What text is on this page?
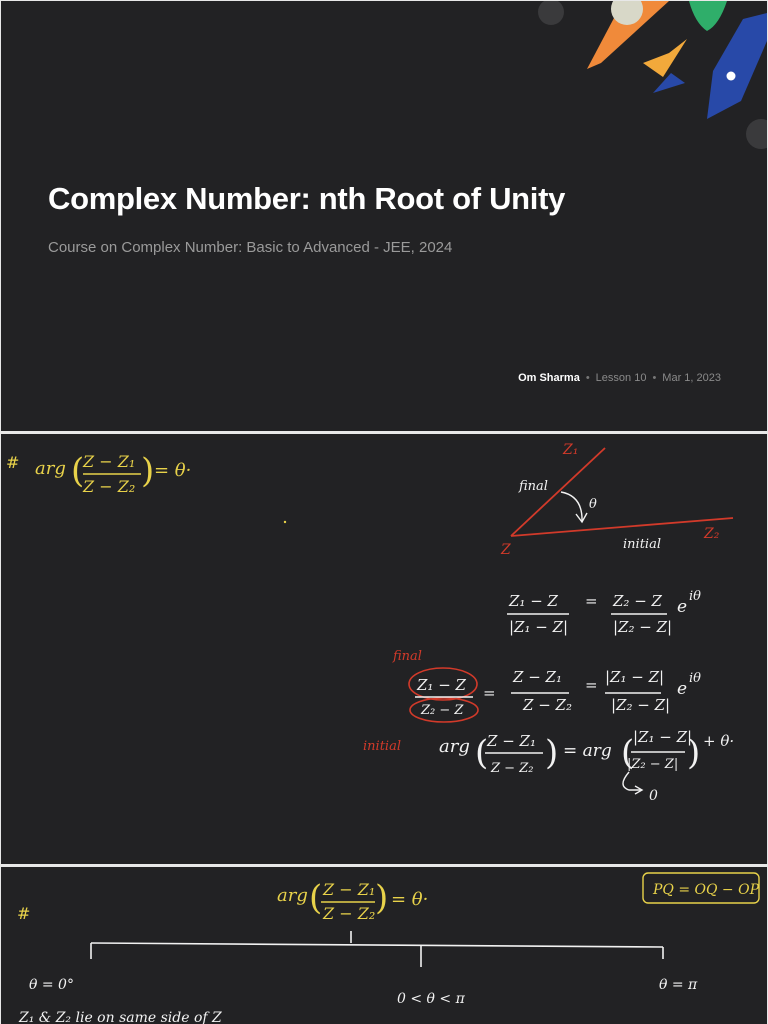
Complex Number: nth Root of Unity
Course on Complex Number: Basic to Advanced - JEE, 2024
Om Sharma • Lesson 10 • Mar 1, 2023
# arg (
Z − Z₁
Z − Z₂ ) = θ·
Z₁
Z₂
Z
θ
final
initial
Z₁ − Z
|Z₁ − Z|
= Z₂ − Z
|Z₂ − Z|
e
iθ
final
initial
Z₁ − Z
Z₂ − Z
=
Z − Z₁
Z − Z₂
= |Z₁ − Z|
|Z₂ − Z|
e
iθ
arg (
Z − Z₁
Z − Z₂ ) = arg (
|Z₁ − Z|
|Z₂ − Z| ) + θ·
0
#
arg ( Z − Z₁
Z − Z₂ ) = θ·	PQ = OQ − OP
θ = 0°
0 < θ < π
θ = π
Z₁ & Z₂ lie on same side of Z
